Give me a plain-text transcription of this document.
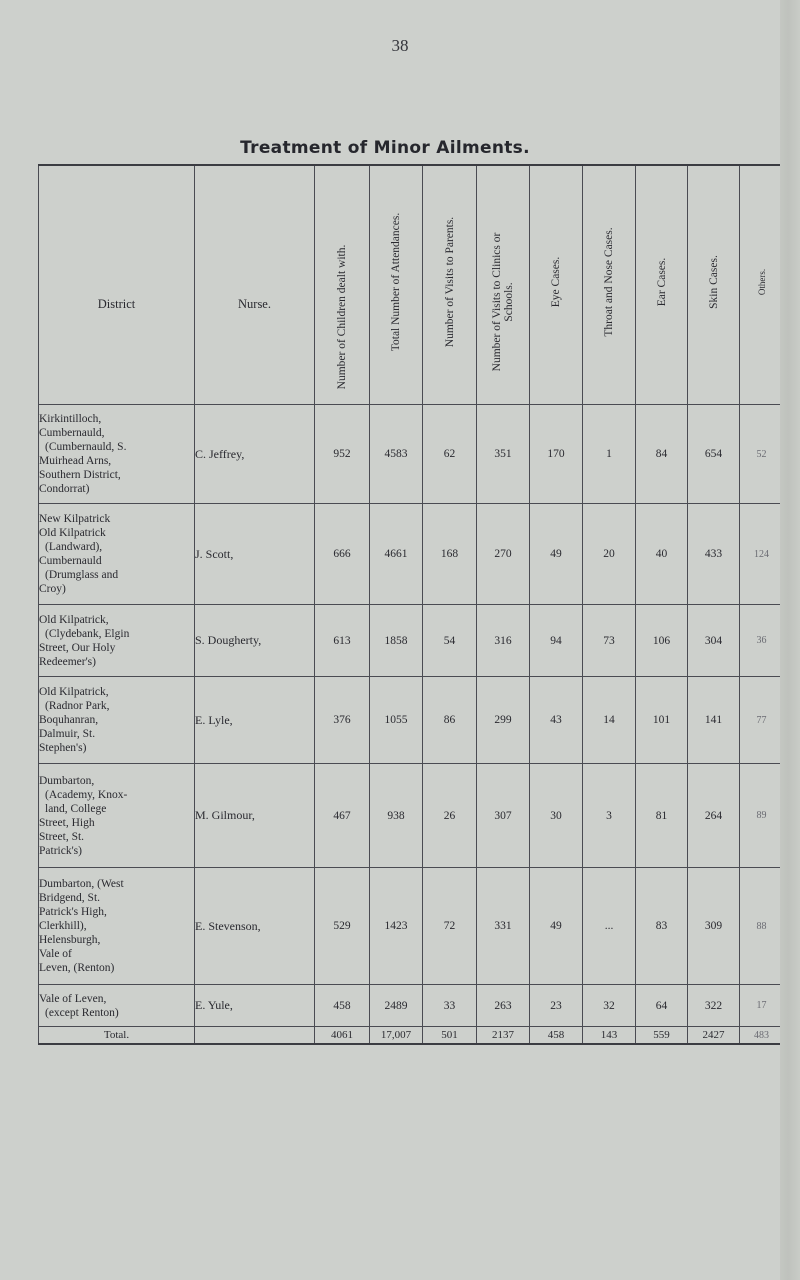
38
Treatment of Minor Ailments.
District	Nurse.	Number of Children dealt with.	Total Number of Attendances.	Number of Visits to Parents.	Number of Visits to Clinics or Schools.	Eye Cases.	Throat and Nose Cases.	Ear Cases.	Skin Cases.	Others.

Kirkintilloch,
Cumbernauld,
(Cumbernauld, S.
Muirhead Arns,
Southern District,
Condorrat)
	C. Jeffrey,	952	4583	62	351	170	1	84	654	52

New Kilpatrick
Old Kilpatrick
(Landward),
Cumbernauld
(Drumglass and
Croy)
	J. Scott,	666	4661	168	270	49	20	40	433	124

Old Kilpatrick,
(Clydebank, Elgin
Street, Our Holy
Redeemer's)	S. Dougherty,	613	1858	54	316	94	73	106	304	36

Old Kilpatrick,
(Radnor Park,
Boquhanran,
Dalmuir, St.
Stephen's)	E. Lyle,	376	1055	86	299	43	14	101	141	77

Dumbarton,
(Academy, Knox-
land, College
Street, High
Street, St.
Patrick's)
	M. Gilmour,	467	938	26	307	30	3	81	264	89

Dumbarton, (West
Bridgend, St.
Patrick's High,
Clerkhill),
Helensburgh,
Vale of
Leven, (Renton)
	E. Stevenson,	529	1423	72	331	49	...	83	309	88

Vale of Leven,
(except Renton)	E. Yule,	458	2489	33	263	23	32	64	322	17
Total.		4061	17,007	501	2137	458	143	559	2427	483
